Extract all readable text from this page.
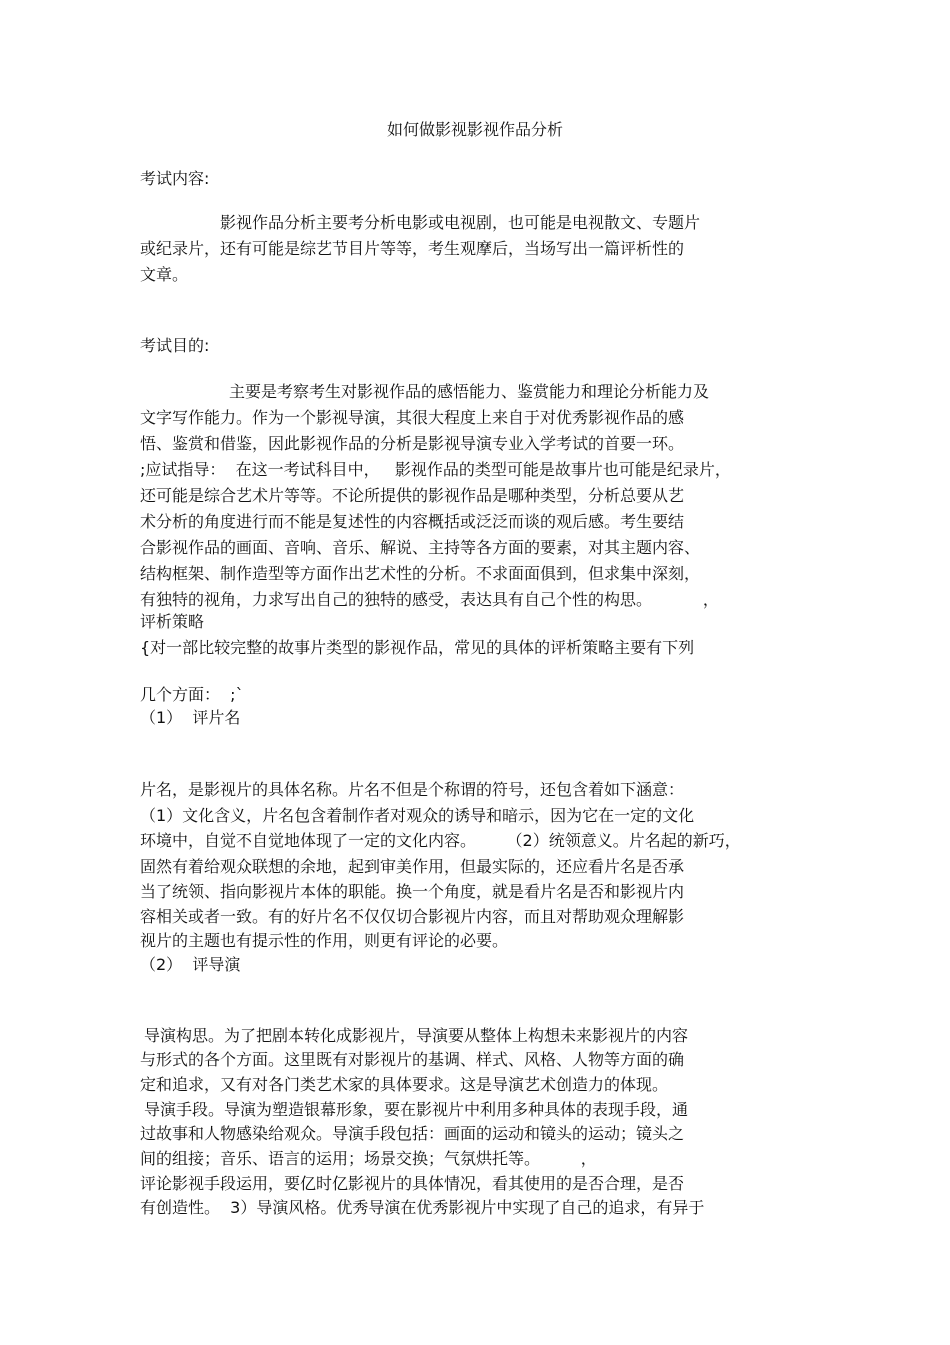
如何做影视影视作品分析
考试内容:
影视作品分析主要考分析电影或电视剧，也可能是电视散文、专题片
或纪录片，还有可能是综艺节目片等等，考生观摩后，当场写出一篇评析性的
文章。
考试目的:
主要是考察考生对影视作品的感悟能力、鉴赏能力和理论分析能力及
文字写作能力。作为一个影视导演，其很大程度上来自于对优秀影视作品的感
悟、鉴赏和借鉴，因此影视作品的分析是影视导演专业入学考试的首要一环。
;应试指导：  在这一考试科目中，   影视作品的类型可能是故事片也可能是纪录片，
还可能是综合艺术片等等。不论所提供的影视作品是哪种类型，分析总要从艺
术分析的角度进行而不能是复述性的内容概括或泛泛而谈的观后感。考生要结
合影视作品的画面、音响、音乐、解说、主持等各方面的要素，对其主题内容、
结构框架、制作造型等方面作出艺术性的分析。不求面面俱到，但求集中深刻，
有独特的视角，力求写出自己的独特的感受，表达具有自己个性的构思。          ，
评析策略
{对一部比较完整的故事片类型的影视作品，常见的具体的评析策略主要有下列
几个方面：  ;`
（1）  评片名
片名，是影视片的具体名称。片名不但是个称谓的符号，还包含着如下涵意：
（1）文化含义，片名包含着制作者对观众的诱导和暗示，因为它在一定的文化
环境中，自觉不自觉地体现了一定的文化内容。      （2）统领意义。片名起的新巧，
固然有着给观众联想的余地，起到审美作用，但最实际的，还应看片名是否承
当了统领、指向影视片本体的职能。换一个角度，就是看片名是否和影视片内
容相关或者一致。有的好片名不仅仅切合影视片内容，而且对帮助观众理解影
视片的主题也有提示性的作用，则更有评论的必要。
（2）  评导演
导演构思。为了把剧本转化成影视片，导演要从整体上构想未来影视片的内容
与形式的各个方面。这里既有对影视片的基调、样式、风格、人物等方面的确
定和追求，又有对各门类艺术家的具体要求。这是导演艺术创造力的体现。
导演手段。导演为塑造银幕形象，要在影视片中利用多种具体的表现手段，通
过故事和人物感染给观众。导演手段包括：画面的运动和镜头的运动；镜头之
间的组接；音乐、语言的运用；场景交换；气氛烘托等。        ，
评论影视手段运用，要亿时亿影视片的具体情况，看其使用的是否合理，是否
有创造性。  3）导演风格。优秀导演在优秀影视片中实现了自己的追求，有异于
